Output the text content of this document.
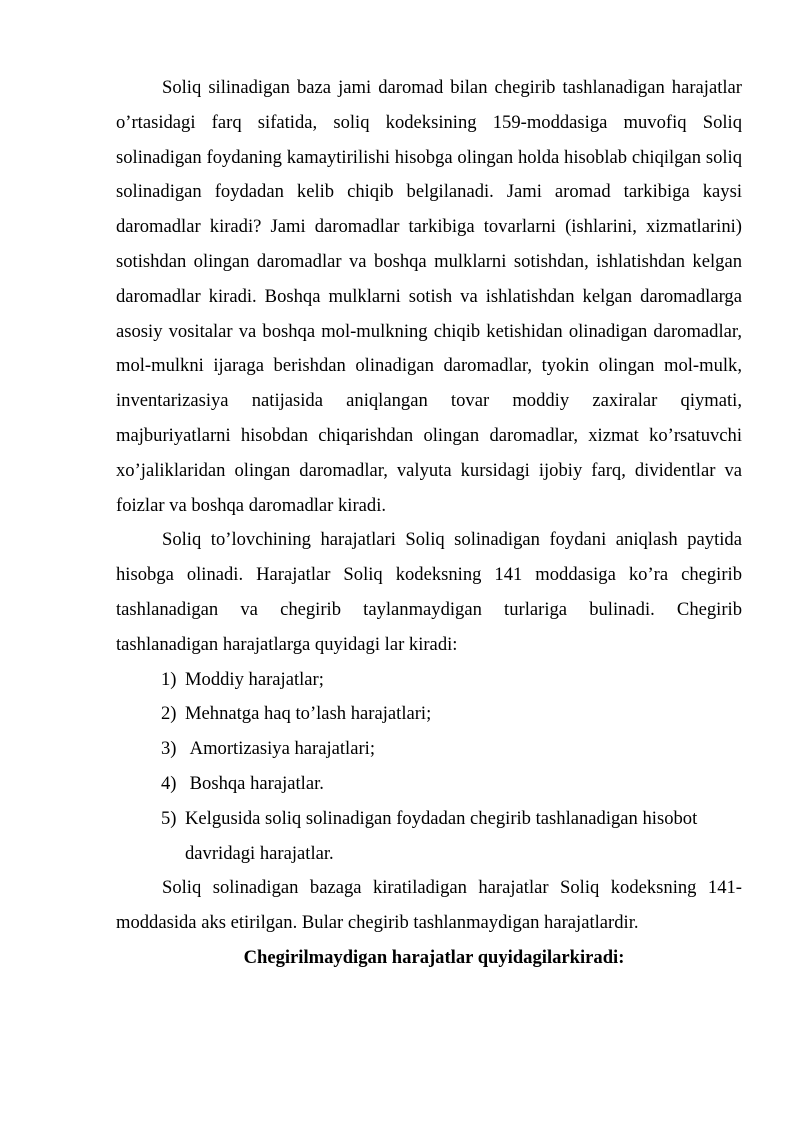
Soliq silinadigan baza jami daromad bilan chegirib tashlanadigan harajatlar o’rtasidagi farq sifatida, soliq kodeksining 159-moddasiga muvofiq Soliq solinadigan foydaning kamaytirilishi hisobga olingan holda hisoblab chiqilgan soliq solinadigan foydadan kelib chiqib belgilanadi. Jami aromad tarkibiga kaysi daromadlar kiradi? Jami daromadlar tarkibiga tovarlarni (ishlarini, xizmatlarini) sotishdan olingan daromadlar va boshqa mulklarni sotishdan, ishlatishdan kelgan daromadlar kiradi. Boshqa mulklarni sotish va ishlatishdan kelgan daromadlarga asosiy vositalar va boshqa mol-mulkning chiqib ketishidan olinadigan daromadlar, mol-mulkni ijaraga berishdan olinadigan daromadlar, tyokin olingan mol-mulk, inventarizasiya natijasida aniqlangan tovar moddiy zaxiralar qiymati, majburiyatlarni hisobdan chiqarishdan olingan daromadlar, xizmat ko’rsatuvchi xo’jaliklaridan olingan daromadlar, valyuta kursidagi ijobiy farq, dividentlar va foizlar va boshqa daromadlar kiradi.

Soliq to’lovchining harajatlari Soliq solinadigan foydani aniqlash paytida hisobga olinadi. Harajatlar Soliq kodeksning 141 moddasiga ko’ra chegirib tashlanadigan va chegirib taylanmaydigan turlariga bulinadi. Chegirib tashlanadigan harajatlarga quyidagi lar kiradi:

1) Moddiy harajatlar;
2) Mehnatga haq to’lash harajatlari;
3) Amortizasiya harajatlari;
4) Boshqa harajatlar.
5) Kelgusida soliq solinadigan foydadan chegirib tashlanadigan hisobot davridagi harajatlar.

Soliq solinadigan bazaga kiratiladigan harajatlar Soliq kodeksning 141-moddasida aks etirilgan. Bular chegirib tashlanmaydigan harajatlardir.

Chegirilmaydigan harajatlar quyidagilarkiradi:
